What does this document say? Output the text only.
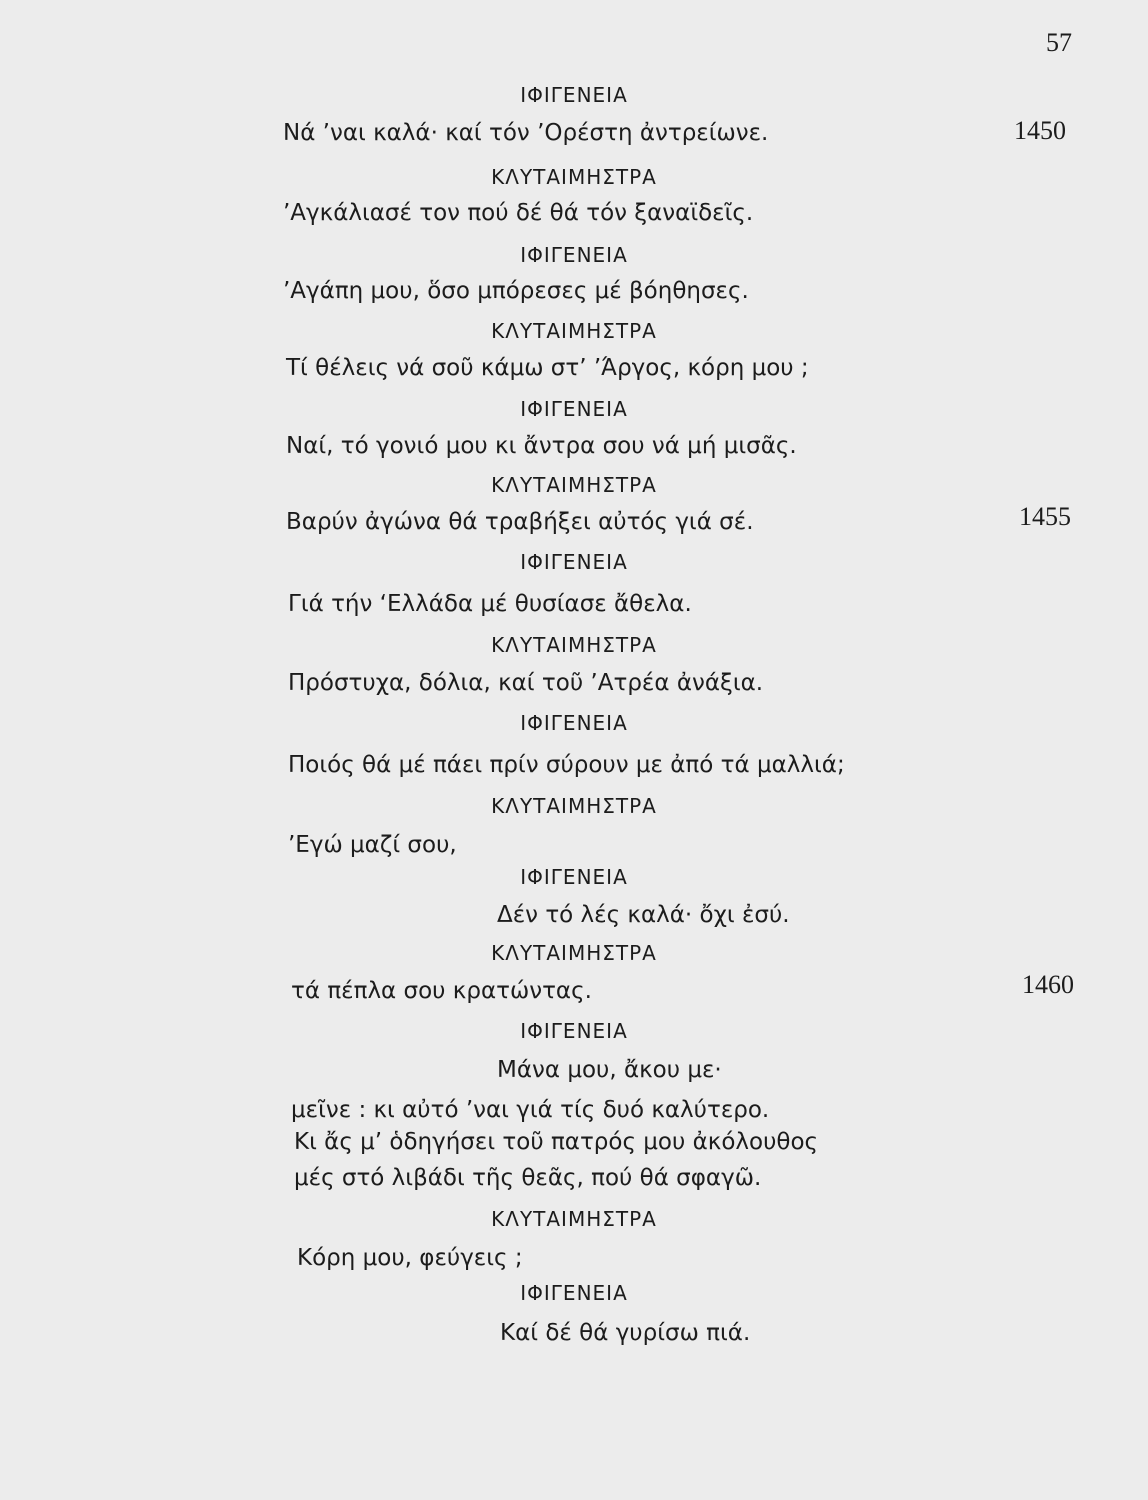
57
ΙΦΙΓΕΝΕΙΑ
Νά ’ναι καλά· καί τόν ’Ορέστη ἀντρείωνε.	1450
ΚΛΥΤΑΙΜΗΣΤΡΑ
’Αγκάλιασέ τον πού δέ θά τόν ξαναϊδεῖς.
ΙΦΙΓΕΝΕΙΑ
’Αγάπη μου, ὅσο μπόρεσες μέ βόηθησες.
ΚΛΥΤΑΙΜΗΣΤΡΑ
Τί θέλεις νά σοῦ κάμω στ’ ’Άργος, κόρη μου ;
ΙΦΙΓΕΝΕΙΑ
Ναί, τό γονιό μου κι ἄντρα σου νά μή μισᾶς.
ΚΛΥΤΑΙΜΗΣΤΡΑ
Βαρύν ἀγώνα θά τραβήξει αὐτός γιά σέ.	1455
ΙΦΙΓΕΝΕΙΑ
Γιά τήν ‘Ελλάδα μέ θυσίασε ἄθελα.
ΚΛΥΤΑΙΜΗΣΤΡΑ
Πρόστυχα, δόλια, καί τοῦ ’Ατρέα ἀνάξια.
ΙΦΙΓΕΝΕΙΑ
Ποιός θά μέ πάει πρίν σύρουν με ἀπό τά μαλλιά;
ΚΛΥΤΑΙΜΗΣΤΡΑ
’Εγώ μαζί σου,
ΙΦΙΓΕΝΕΙΑ
Δέν τό λές καλά· ὄχι ἐσύ.
ΚΛΥΤΑΙΜΗΣΤΡΑ
τά πέπλα σου κρατώντας.	1460
ΙΦΙΓΕΝΕΙΑ
Μάνα μου, ἄκου με·
μεῖνε : κι αὐτό ’ναι γιά τίς δυό καλύτερο.
Κι ἄς μ’ ὁδηγήσει τοῦ πατρός μου ἀκόλουθος
μές στό λιβάδι τῆς θεᾶς, πού θά σφαγῶ.
ΚΛΥΤΑΙΜΗΣΤΡΑ
Κόρη μου, φεύγεις ;
ΙΦΙΓΕΝΕΙΑ
Καί δέ θά γυρίσω πιά.
